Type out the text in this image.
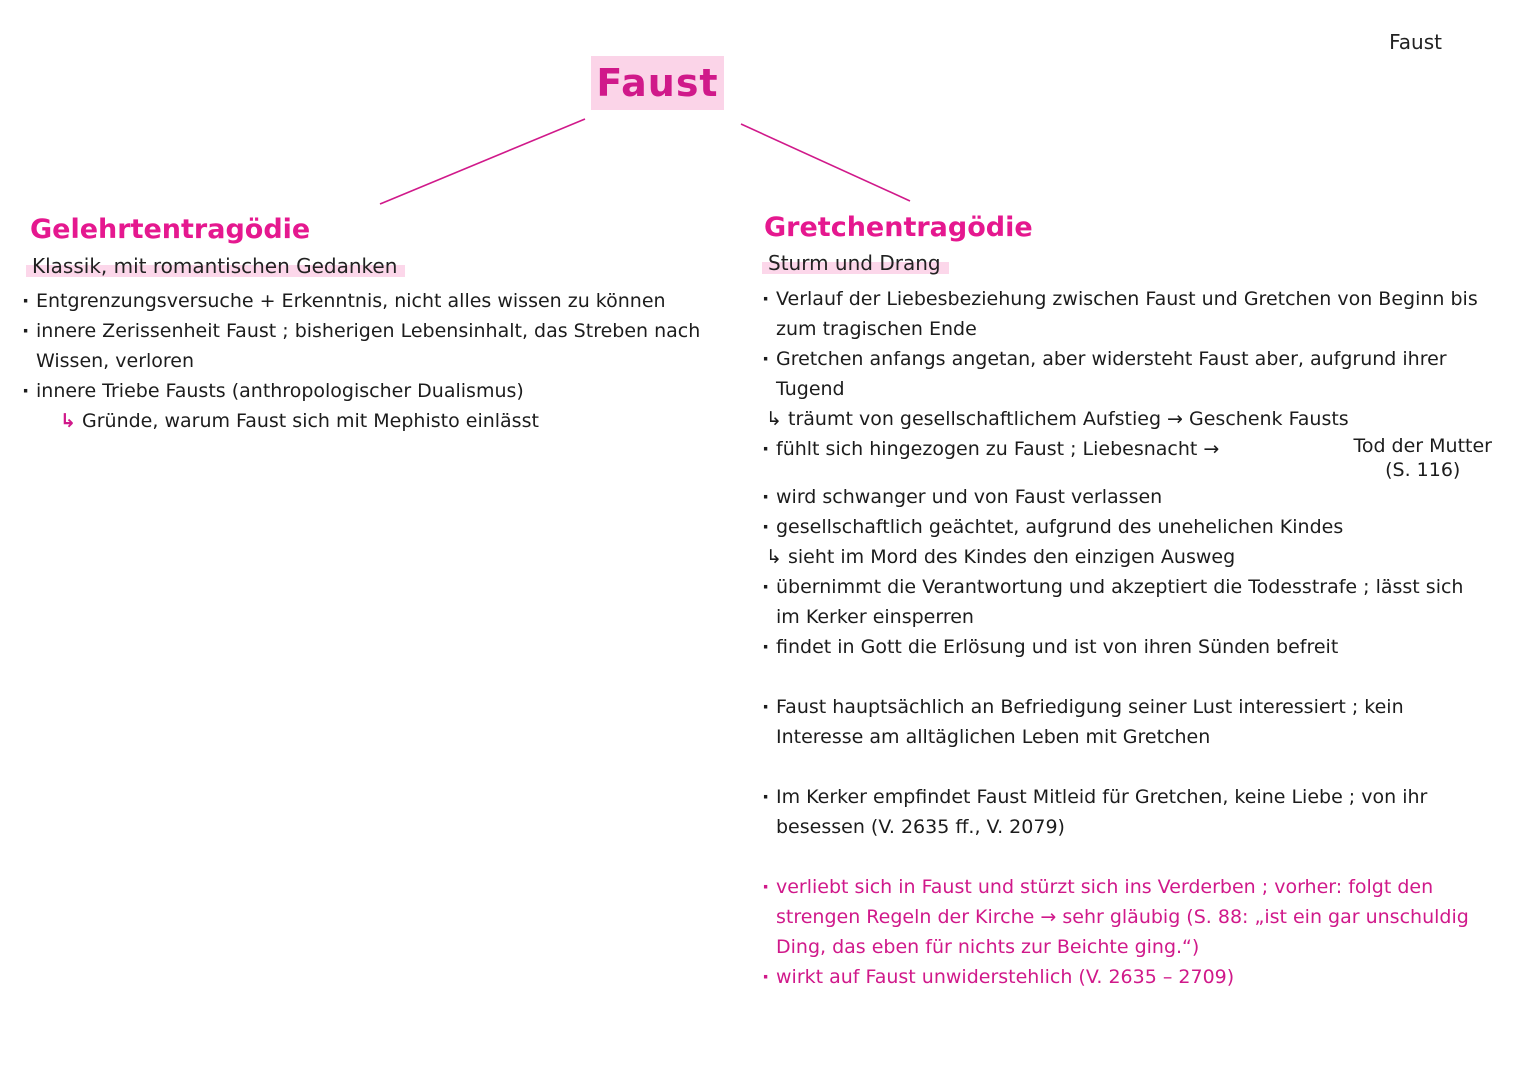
Faust
Faust
Gelehrtentragödie
Klassik, mit romantischen Gedanken
· Entgrenzungsversuche + Erkenntnis, nicht alles wissen zu können
· innere Zerissenheit Faust ; bisherigen Lebensinhalt, das Streben nach Wissen, verloren
· innere Triebe Fausts (anthropologischer Dualismus)
↳ Gründe, warum Faust sich mit Mephisto einlässt
Gretchentragödie
Sturm und Drang
· Verlauf der Liebesbeziehung zwischen Faust und Gretchen von Beginn bis zum tragischen Ende
· Gretchen anfangs angetan, aber widersteht Faust aber, aufgrund ihrer Tugend
↳ träumt von gesellschaftlichem Aufstieg → Geschenk Fausts
· fühlt sich hingezogen zu Faust ; Liebesnacht →	Tod der Mutter
(S. 116)
· wird schwanger und von Faust verlassen
· gesellschaftlich geächtet, aufgrund des unehelichen Kindes
↳ sieht im Mord des Kindes den einzigen Ausweg
· übernimmt die Verantwortung und akzeptiert die Todesstrafe ; lässt sich im Kerker einsperren
· findet in Gott die Erlösung und ist von ihren Sünden befreit
· Faust hauptsächlich an Befriedigung seiner Lust interessiert ; kein Interesse am alltäglichen Leben mit Gretchen
· Im Kerker empfindet Faust Mitleid für Gretchen, keine Liebe ; von ihr besessen (V. 2635 ff., V. 2079)
· verliebt sich in Faust und stürzt sich ins Verderben ; vorher: folgt den strengen Regeln der Kirche → sehr gläubig (S. 88: „ist ein gar unschuldig Ding, das eben für nichts zur Beichte ging.“)
· wirkt auf Faust unwiderstehlich (V. 2635 – 2709)
